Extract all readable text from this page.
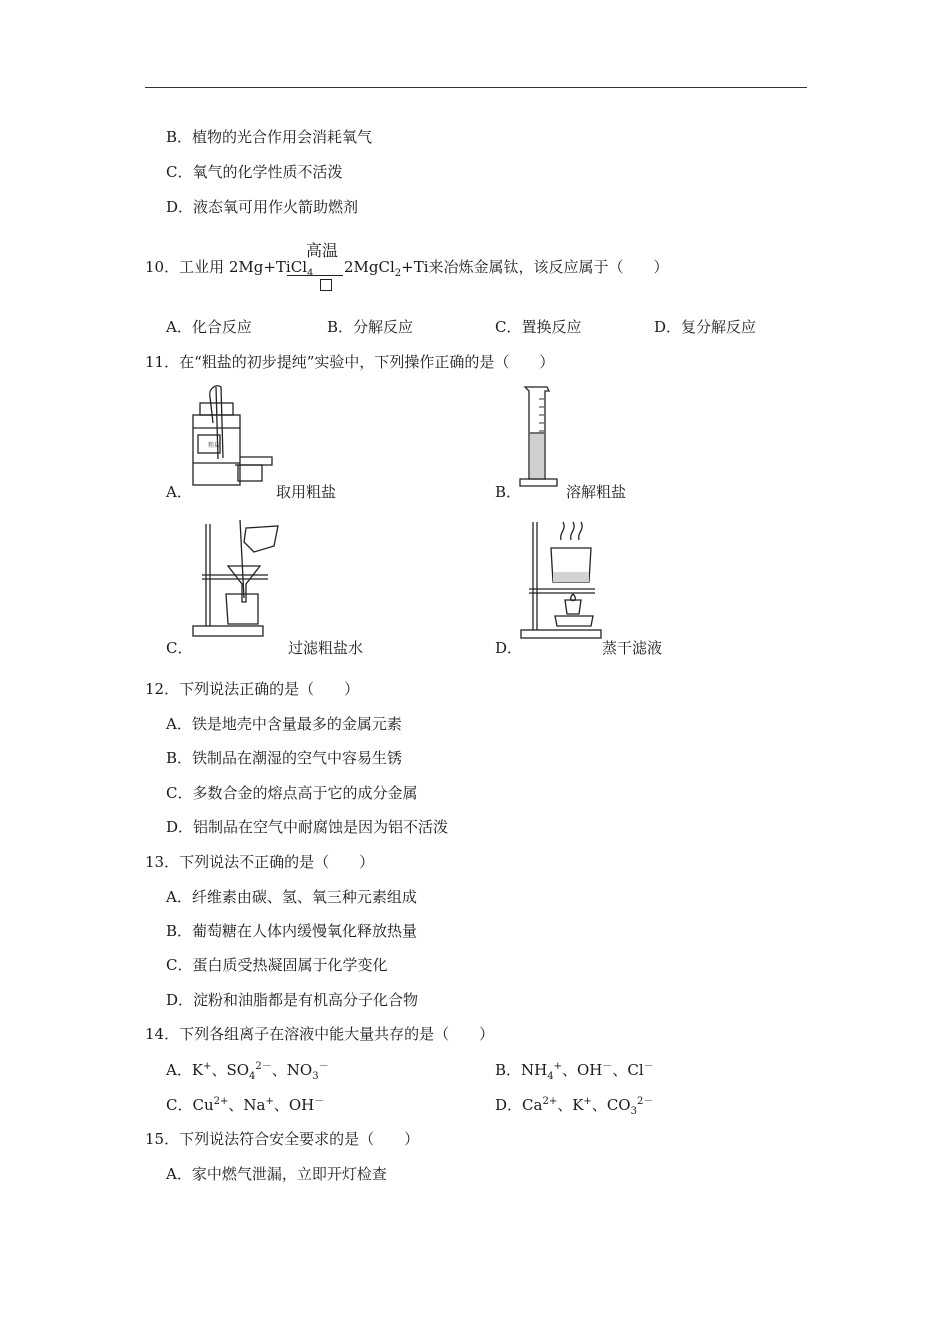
B．植物的光合作用会消耗氧气
C．氧气的化学性质不活泼
D．液态氧可用作火箭助燃剂
10．工业用 2Mg+TiCl$_4$
高温
2MgCl$_2$+Ti来冶炼金属钛，该反应属于（　　）
A．化合反应	B．分解反应	C．置换反应	D．复分解反应
11．在“粗盐的初步提纯”实验中，下列操作正确的是（　　）
粗盐
A．	取用粗盐	B．	溶解粗盐
C．	过滤粗盐水	D．	蒸干滤液
12．下列说法正确的是（　　）
A．铁是地壳中含量最多的金属元素
B．铁制品在潮湿的空气中容易生锈
C．多数合金的熔点高于它的成分金属
D．铝制品在空气中耐腐蚀是因为铝不活泼
13．下列说法不正确的是（　　）
A．纤维素由碳、氢、氧三种元素组成
B．葡萄糖在人体内缓慢氧化释放热量
C．蛋白质受热凝固属于化学变化
D．淀粉和油脂都是有机高分子化合物
14．下列各组离子在溶液中能大量共存的是（　　）
A．K+、$SO_4^{2-}$、$NO_3^-$	B．$NH_4^+$、OH－、Cl－
C．$Cu^{2+}$、Na+、OH－	D．$Ca^{2+}$、K+、$CO_3^{2-}$
15．下列说法符合安全要求的是（　　）
A．家中燃气泄漏，立即开灯检查
